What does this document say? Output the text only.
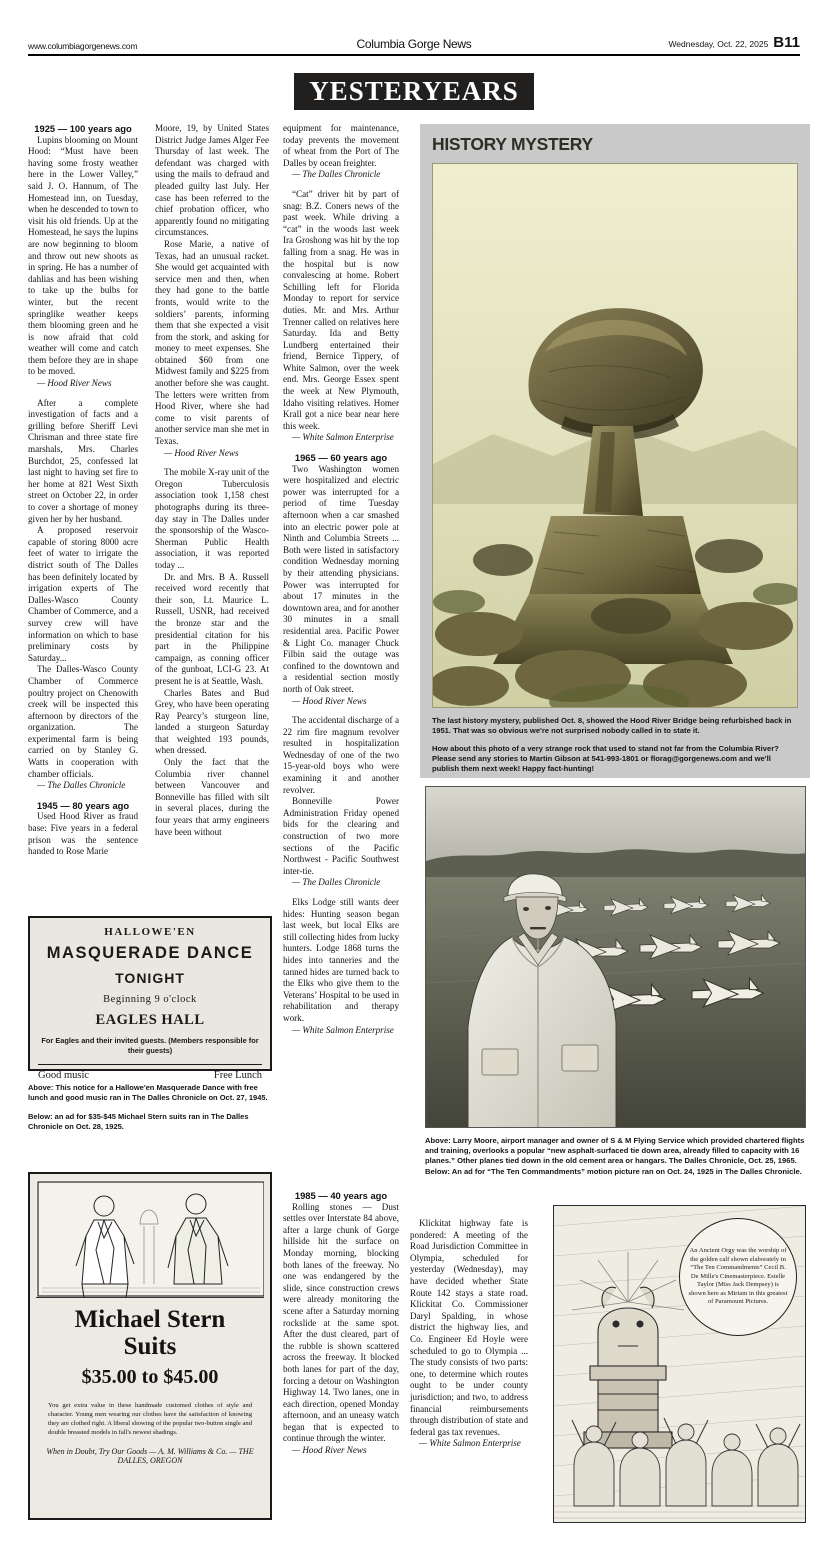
www.columbiagorgenews.com	Columbia Gorge News	Wednesday, Oct. 22, 2025 B11
YESTERYEARS
1925 — 100 years ago

Lupins blooming on Mount Hood: “Must have been having some frosty weather here in the Lower Valley,” said J. O. Hannum, of The Homestead inn, on Tuesday, when he descended to town to visit his old friends. Up at the Homestead, he says the lupins are now beginning to bloom and throw out new shoots as in spring. He has a number of dahlias and has been wishing to take up the bulbs for winter, but the recent springlike weather keeps them blooming green and he is now afraid that cold weather will come and catch them before they are in shape to be moved.

— Hood River News

After a complete investigation of facts and a grilling before Sheriff Levi Chrisman and three state fire marshals, Mrs. Charles Burchdot, 25, confessed lat last night to having set fire to her home at 821 West Sixth street on October 22, in order to cover a shortage of money given her by her husband.

A proposed reservoir capable of storing 8000 acre feet of water to irrigate the district south of The Dalles has been definitely located by irrigation experts of The Dalles-Wasco County Chamber of Commerce, and a survey crew will have information on which to base preliminary costs by Saturday...

The Dalles-Wasco County Chamber of Commerce poultry project on Chenowith creek will be inspected this afternoon by directors of the organization. The experimental farm is being carried on by Stanley G. Watts in cooperation with chamber officials.

— The Dalles Chronicle

1945 — 80 years ago

Used Hood River as fraud base: Five years in a federal prison was the sentence handed to Rose Marie

Moore, 19, by United States District Judge James Alger Fee Thursday of last week. The defendant was charged with using the mails to defraud and pleaded guilty last July. Her case has been referred to the chief probation officer, who apparently found no mitigating circumstances.

Rose Marie, a native of Texas, had an unusual racket. She would get acquainted with service men and then, when they had gone to the battle fronts, would write to the soldiers’ parents, informing them that she expected a visit from the stork, and asking for money to meet expenses. She obtained $60 from one Midwest family and $225 from another before she was caught. The letters were written from Hood River, where she had come to visit parents of another service man she met in Texas.

— Hood River News

The mobile X-ray unit of the Oregon Tuberculosis association took 1,158 chest photographs during its three-day stay in The Dalles under the sponsorship of the Wasco-Sherman Public Health association, it was reported today ...

Dr. and Mrs. B A. Russell received word recently that their son, Lt. Maurice L. Russell, USNR, had received the bronze star and the presidential citation for his part in the Philippine campaign, as conning officer of the gunboat, LCI-G 23. At present he is at Seattle, Wash.

Charles Bates and Bud Grey, who have been operating Ray Pearcy’s sturgeon line, landed a sturgeon Saturday that weighted 193 pounds, when dressed.

Only the fact that the Columbia river channel between Vancouver and Bonneville has filled with silt in several places, during the four years that army engineers have been without

equipment for maintenance, today prevents the movement of wheat from the Port of The Dalles by ocean freighter.

— The Dalles Chronicle

“Cat” driver hit by part of snag: B.Z. Coners news of the past week. While driving a “cat” in the woods last week Ira Groshong was hit by the top falling from a snag. He was in the hospital but is now convalescing at home. Robert Schilling left for Florida Monday to report for service duties. Mr. and Mrs. Arthur Trenner called on relatives here Saturday. Ida and Betty Lundberg entertained their friend, Bernice Tippery, of White Salmon, over the week end. Mrs. George Essex spent the week at New Plymouth, Idaho visiting relatives. Homer Krall got a nice bear near here this week.

— White Salmon Enterprise

1965 — 60 years ago

Two Washington women were hospitalized and electric power was interrupted for a period of time Tuesday afternoon when a car smashed into an electric power pole at Ninth and Columbia Streets ... Both were listed in satisfactory condition Wednesday morning by their attending physicians. Power was interrupted for about 17 minutes in the downtown area, and for another 30 minutes in a small residential area. Pacific Power & Light Co. manager Chuck Filbin said the outage was confined to the downtown and a residential section mostly north of Oak street.

— Hood River News

The accidental discharge of a 22 rim fire magnum revolver resulted in hospitalization Wednesday of one of the two 15-year-old boys who were examining it and another revolver.

Bonneville Power Administration Friday opened bids for the clearing and construction of two more sections of the Pacific Northwest - Pacific Southwest inter-tie.

— The Dalles Chronicle

Elks Lodge still wants deer hides: Hunting season began last week, but local Elks are still collecting hides from lucky hunters. Lodge 1868 turns the hides into tanneries and the tanned hides are turned back to the Elks who give them to the Veterans’ Hospital to be used in rehabilitation and therapy work.

— White Salmon Enterprise

1985 — 40 years ago

Rolling stones — Dust settles over Interstate 84 above, after a large chunk of Gorge hillside hit the surface on Monday morning, blocking both lanes of the freeway. No one was endangered by the slide, since construction crews were already monitoring the scene after a Saturday morning rockslide at the same spot. After the dust cleared, part of the rubble is shown scattered across the freeway. It blocked both lanes for part of the day, forcing a detour on Washington Highway 14. Two lanes, one in each direction, opened Monday afternoon, and an uneasy watch began that is expected to continue through the winter.

— Hood River News

Klickitat highway fate is pondered: A meeting of the Road Jurisdiction Committee in Olympia, scheduled for yesterday (Wednesday), may have decided whether State Route 142 stays a state road. Klickitat Co. Commissioner Daryl Spalding, in whose district the highway lies, and Co. Engineer Ed Hoyle were scheduled to go to Olympia ... The study consists of two parts: one, to determine which routes ought to be under county jurisdiction; and two, to address financial reimbursements through distribution of state and federal gas tax revenues.

— White Salmon Enterprise

HISTORY MYSTERY

The last history mystery, published Oct. 8, showed the Hood River Bridge being refurbished back in 1951. That was so obvious we're not surprised nobody called in to state it.

How about this photo of a very strange rock that used to stand not far from the Columbia River? Please send any stories to Martin Gibson at 541-993-1801 or florag@gorgenews.com and we'll publish them next week! Happy fact-hunting!

Above: Larry Moore, airport manager and owner of S & M Flying Service which provided chartered flights and training, overlooks a popular “new asphalt-surfaced tie down area, already filled to capacity with 16 planes.” Other planes tied down in the old cement area or hangars. The Dalles Chronicle, Oct. 25, 1965.
Below: An ad for “The Ten Commandments” motion picture ran on Oct. 24, 1925 in The Dalles Chronicle.
HALLOWE'EN
MASQUERADE DANCE
TONIGHT
Beginning 9 o'clock
EAGLES HALL
For Eagles and their invited guests. (Members responsible for their guests)
Good music	Free Lunch

Above: This notice for a Hallowe'en Masquerade Dance with free lunch and good music ran in The Dalles Chronicle on Oct. 27, 1945.

Below: an ad for $35-$45 Michael Stern suits ran in The Dalles Chronicle on Oct. 28, 1925.

Michael Stern
Suits
$35.00 to $45.00
You get extra value in these handmade customed clothes of style and character. Young men wearing our clothes have the satisfaction of knowing they are clothed right. A liberal showing of the popular two-button single and double breasted models in fall's newest shadings.
When in Doubt, Try Our Goods — A. M. Williams & Co. — THE DALLES, OREGON
An Ancient Orgy was the worship of the golden calf shown elaborately in “The Ten Commandments” Cecil B. De Mille's Cinemasterpiece. Estelle Taylor (Miss Jack Dempsey) is shown here as Miriam in this greatest of Paramount Pictures.
